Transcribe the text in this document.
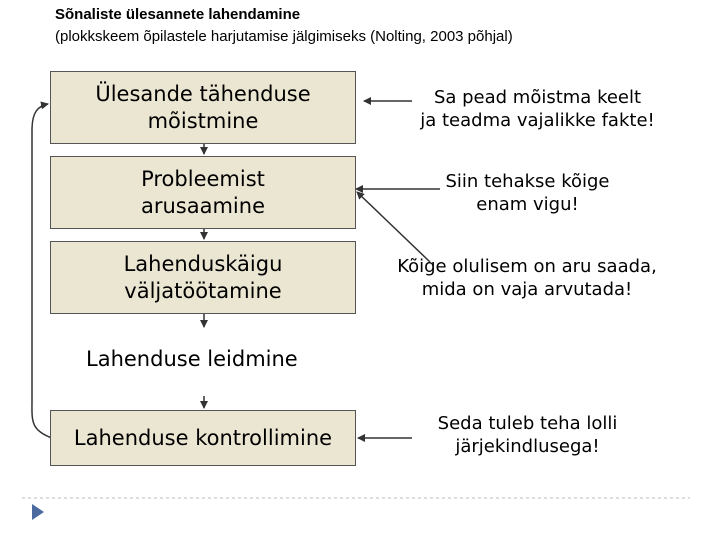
Sõnaliste ülesannete lahendamine
(plokkskeem õpilastele harjutamise jälgimiseks (Nolting, 2003 põhjal)
Ülesande tähenduse
mõistmine
Probleemist
arusaamine
Lahenduskäigu
väljatöötamine
Lahenduse leidmine
Lahenduse kontrollimine
Sa pead mõistma keelt
ja teadma vajalikke fakte!
Siin tehakse kõige
enam vigu!
Kõige olulisem on aru saada,
mida on vaja arvutada!
Seda tuleb teha lolli
järjekindlusega!
